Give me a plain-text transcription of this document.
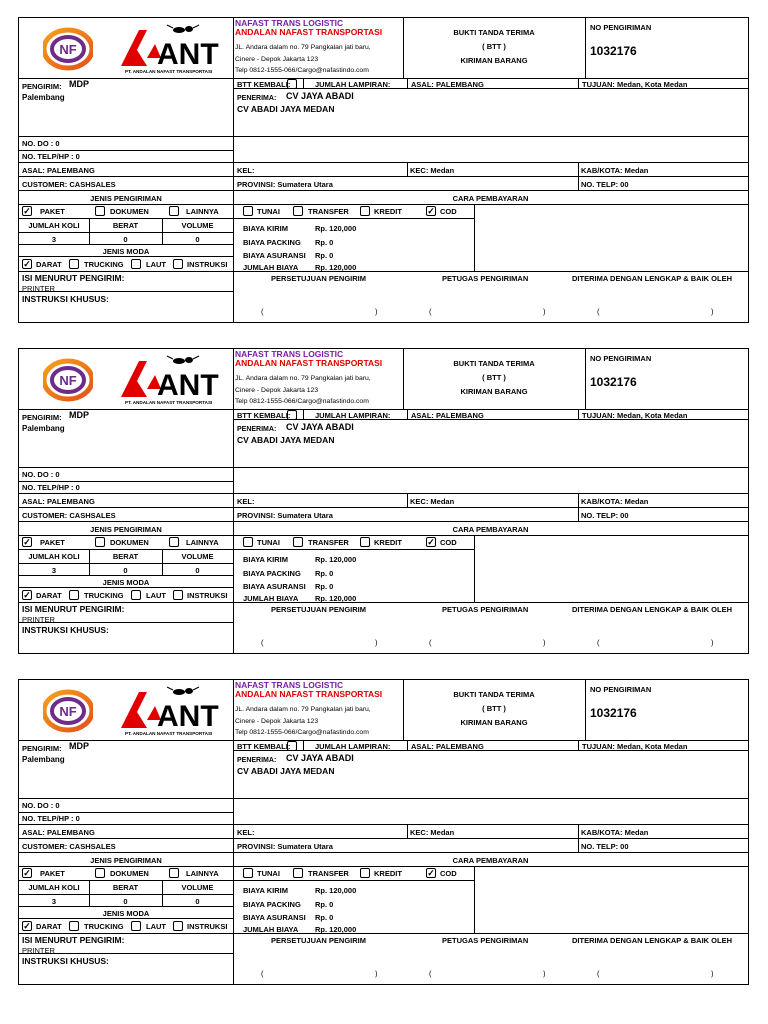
NF	ANT
PT. ANDALAN NAFAST TRANSPORTASI
NAFAST TRANS LOGISTIC
ANDALAN NAFAST TRANSPORTASI
JL. Andara dalam no. 79 Pangkalan jati baru,
Cinere - Depok Jakarta 123
Telp 0812-1555-066/Cargo@nafastindo.com
BUKTI TANDA TERIMA
( BTT )
KIRIMAN BARANG
NO PENGIRIMAN
1032176
PENGIRIM: MDP
Palembang
NO. DO : 0
NO. TELP/HP : 0
ASAL: PALEMBANG
CUSTOMER: CASHSALES
BTT KEMBALI:	JUMLAH LAMPIRAN:	ASAL: PALEMBANG	TUJUAN: Medan, Kota Medan
PENERIMA: CV JAYA ABADI
CV ABADI JAYA MEDAN
KEL:	KEC: Medan	KAB/KOTA: Medan
PROVINSI: Sumatera Utara	NO. TELP: 00
JENIS PENGIRIMAN
✓ PAKET	DOKUMEN	LAINNYA
JUMLAH KOLI	BERAT	VOLUME
3	0	0
JENIS MODA
✓ DARAT	TRUCKING	LAUT	INSTRUKSI
CARA PEMBAYARAN
TUNAI	TRANSFER	KREDIT	✓ COD
BIAYA KIRIM	Rp. 120,000
BIAYA PACKING Rp. 0
BIAYA ASURANSI Rp. 0
JUMLAH BIAYA Rp. 120,000
ISI MENURUT PENGIRIM:
PRINTER
INSTRUKSI KHUSUS:
PERSETUJUAN PENGIRIM	PETUGAS PENGIRIMAN	DITERIMA DENGAN LENGKAP & BAIK OLEH
(	)	(	)	(	)
NF	ANT
PT. ANDALAN NAFAST TRANSPORTASI
NAFAST TRANS LOGISTIC
ANDALAN NAFAST TRANSPORTASI
JL. Andara dalam no. 79 Pangkalan jati baru,
Cinere - Depok Jakarta 123
Telp 0812-1555-066/Cargo@nafastindo.com
BUKTI TANDA TERIMA
( BTT )
KIRIMAN BARANG
NO PENGIRIMAN
1032176
PENGIRIM: MDP
Palembang
NO. DO : 0
NO. TELP/HP : 0
ASAL: PALEMBANG
CUSTOMER: CASHSALES
BTT KEMBALI:	JUMLAH LAMPIRAN:	ASAL: PALEMBANG	TUJUAN: Medan, Kota Medan
PENERIMA: CV JAYA ABADI
CV ABADI JAYA MEDAN
KEL:	KEC: Medan	KAB/KOTA: Medan
PROVINSI: Sumatera Utara	NO. TELP: 00
JENIS PENGIRIMAN
✓ PAKET	DOKUMEN	LAINNYA
JUMLAH KOLI	BERAT	VOLUME
3	0	0
JENIS MODA
✓ DARAT	TRUCKING	LAUT	INSTRUKSI
CARA PEMBAYARAN
TUNAI	TRANSFER	KREDIT	✓ COD
BIAYA KIRIM	Rp. 120,000
BIAYA PACKING Rp. 0
BIAYA ASURANSI Rp. 0
JUMLAH BIAYA Rp. 120,000
ISI MENURUT PENGIRIM:
PRINTER
INSTRUKSI KHUSUS:
PERSETUJUAN PENGIRIM	PETUGAS PENGIRIMAN	DITERIMA DENGAN LENGKAP & BAIK OLEH
(	)	(	)	(	)
NF	ANT
PT. ANDALAN NAFAST TRANSPORTASI
NAFAST TRANS LOGISTIC
ANDALAN NAFAST TRANSPORTASI
JL. Andara dalam no. 79 Pangkalan jati baru,
Cinere - Depok Jakarta 123
Telp 0812-1555-066/Cargo@nafastindo.com
BUKTI TANDA TERIMA
( BTT )
KIRIMAN BARANG
NO PENGIRIMAN
1032176
PENGIRIM: MDP
Palembang
NO. DO : 0
NO. TELP/HP : 0
ASAL: PALEMBANG
CUSTOMER: CASHSALES
BTT KEMBALI:	JUMLAH LAMPIRAN:	ASAL: PALEMBANG	TUJUAN: Medan, Kota Medan
PENERIMA: CV JAYA ABADI
CV ABADI JAYA MEDAN
KEL:	KEC: Medan	KAB/KOTA: Medan
PROVINSI: Sumatera Utara	NO. TELP: 00
JENIS PENGIRIMAN
✓ PAKET	DOKUMEN	LAINNYA
JUMLAH KOLI	BERAT	VOLUME
3	0	0
JENIS MODA
✓ DARAT	TRUCKING	LAUT	INSTRUKSI
CARA PEMBAYARAN
TUNAI	TRANSFER	KREDIT	✓ COD
BIAYA KIRIM	Rp. 120,000
BIAYA PACKING Rp. 0
BIAYA ASURANSI Rp. 0
JUMLAH BIAYA Rp. 120,000
ISI MENURUT PENGIRIM:
PRINTER
INSTRUKSI KHUSUS:
PERSETUJUAN PENGIRIM	PETUGAS PENGIRIMAN	DITERIMA DENGAN LENGKAP & BAIK OLEH
(	)	(	)	(	)
